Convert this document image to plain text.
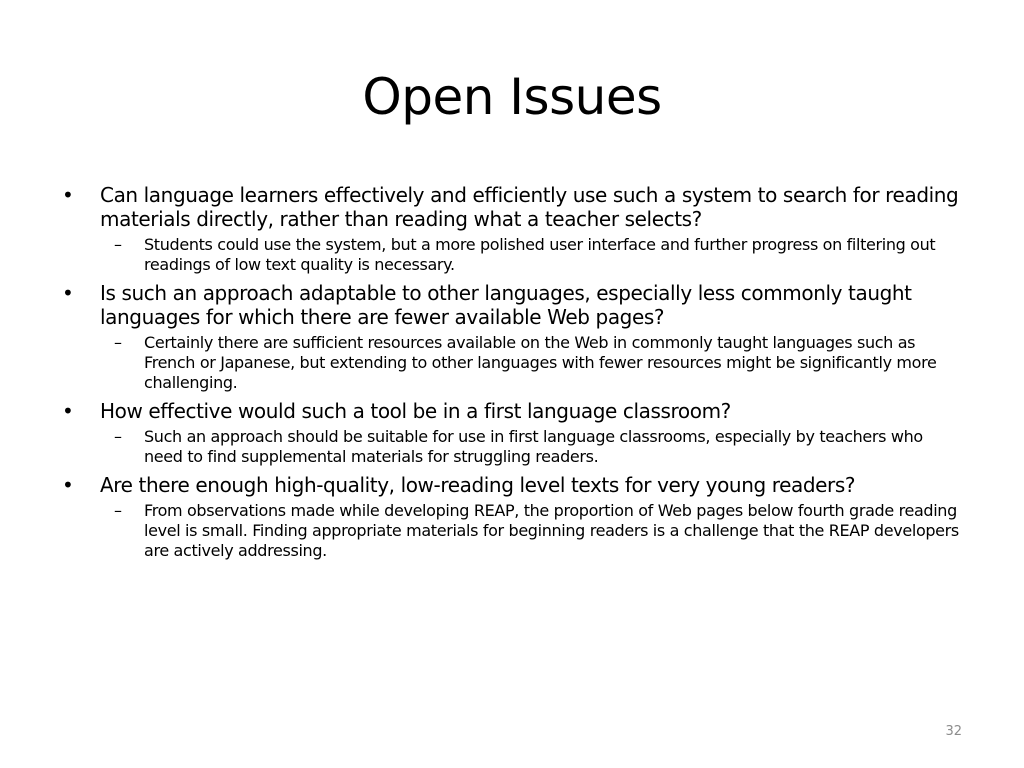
Open Issues
• Can language learners effectively and efficiently use such a system to search for reading materials directly, rather than reading what a teacher selects?
– Students could use the system, but a more polished user interface and further progress on filtering out readings of low text quality is necessary.
• Is such an approach adaptable to other languages, especially less commonly taught languages for which there are fewer available Web pages?
– Certainly there are sufficient resources available on the Web in commonly taught languages such as French or Japanese, but extending to other languages with fewer resources might be significantly more challenging.
• How effective would such a tool be in a first language classroom?
– Such an approach should be suitable for use in first language classrooms, especially by teachers who need to find supplemental materials for struggling readers.
• Are there enough high-quality, low-reading level texts for very young readers?
– From observations made while developing REAP, the proportion of Web pages below fourth grade reading level is small. Finding appropriate materials for beginning readers is a challenge that the REAP developers are actively addressing.
32
